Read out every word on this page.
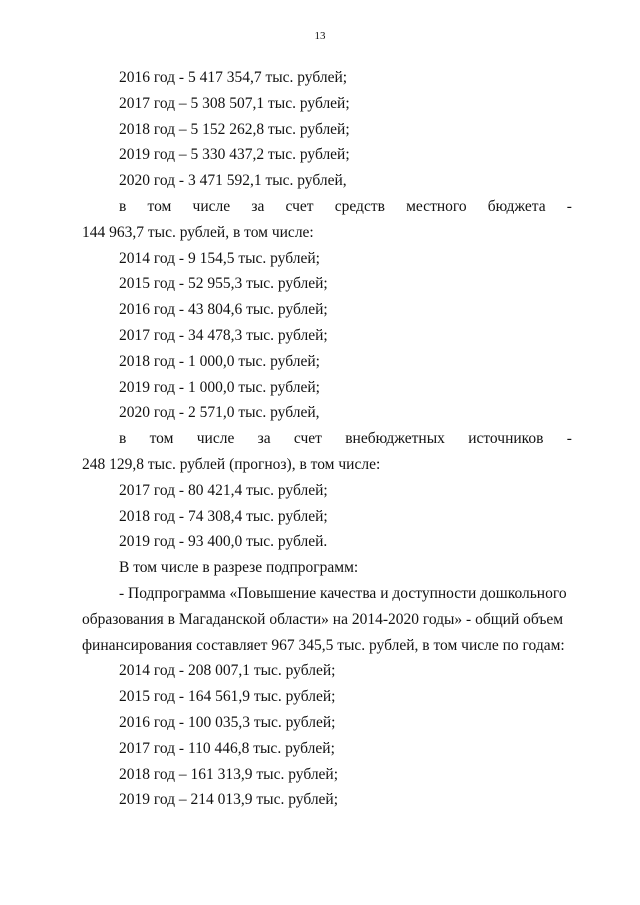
13
2016 год - 5 417 354,7 тыс. рублей;
2017 год – 5 308 507,1 тыс. рублей;
2018 год – 5 152 262,8 тыс. рублей;
2019 год – 5 330 437,2 тыс. рублей;
2020 год - 3 471 592,1 тыс. рублей,
в том числе за счет средств местного бюджета -
144 963,7 тыс. рублей, в том числе:
2014 год - 9 154,5 тыс. рублей;
2015 год - 52 955,3 тыс. рублей;
2016 год - 43 804,6 тыс. рублей;
2017 год - 34 478,3 тыс. рублей;
2018 год - 1 000,0 тыс. рублей;
2019 год - 1 000,0 тыс. рублей;
2020 год - 2 571,0 тыс. рублей,
в том числе за счет внебюджетных источников -
248 129,8 тыс. рублей (прогноз), в том числе:
2017 год - 80 421,4 тыс. рублей;
2018 год - 74 308,4 тыс. рублей;
2019 год - 93 400,0 тыс. рублей.
В том числе в разрезе подпрограмм:
- Подпрограмма «Повышение качества и доступности дошкольного
образования в Магаданской области» на 2014-2020 годы» - общий объем
финансирования составляет 967 345,5 тыс. рублей, в том числе по годам:
2014 год - 208 007,1 тыс. рублей;
2015 год - 164 561,9 тыс. рублей;
2016 год - 100 035,3 тыс. рублей;
2017 год - 110 446,8 тыс. рублей;
2018 год – 161 313,9 тыс. рублей;
2019 год – 214 013,9 тыс. рублей;
